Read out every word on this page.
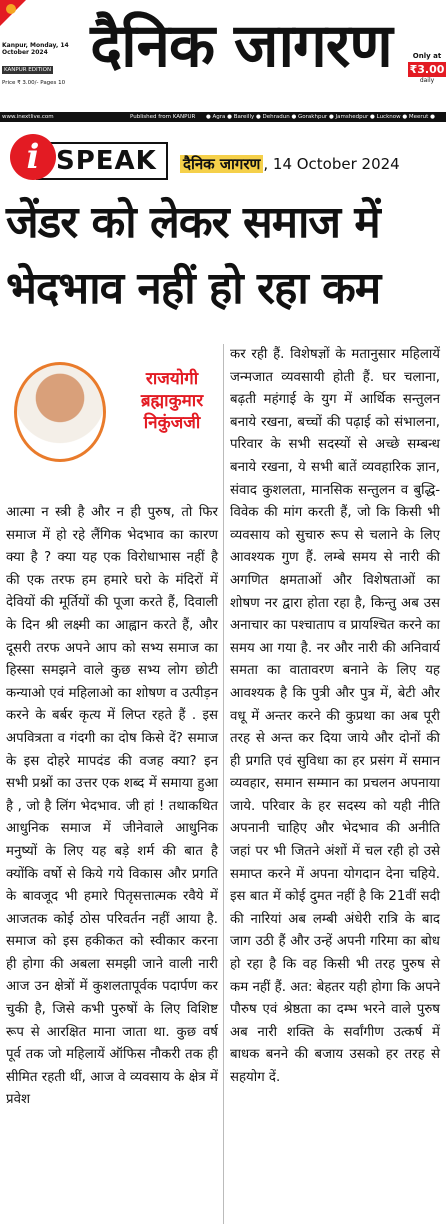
Kanpur, Monday, 14 October 2024
KANPUR EDITION
Price ₹ 3.00/- Pages 10
दैनिक जागरण	Only at
₹3.00
daily
www.inextlive.com	Published from KANPUR ● Agra ● Bareilly ● Dehradun ● Gorakhpur ● Jamshedpur ● Lucknow ● Meerut ● Patna ● Prayagraj ● Ranchi ● Varanasi
SPEAK
i	दैनिक जागरण , 14 October 2024
जेंडर को लेकर समाज में
भेदभाव नहीं हो रहा कम
राजयोगी
ब्रह्माकुमार
निकुंजजी
आत्मा न स्त्री है और न ही पुरुष, तो फिर समाज में हो रहे लैंगिक भेदभाव का कारण क्या है ? क्या यह एक विरोधाभास नहीं है की एक तरफ हम हमारे घरो के मंदिरों में देवियों की मूर्तियों की पूजा करते हैं, दिवाली के दिन श्री लक्ष्मी का आह्वान करते हैं, और दूसरी तरफ अपने आप को सभ्य समाज का हिस्सा समझने वाले कुछ सभ्य लोग छोटी कन्याओ एवं महिलाओ का शोषण व उत्पीड़न करने के बर्बर कृत्य में लिप्त रहते हैं . इस अपवित्रता व गंदगी का दोष किसे दें? समाज के इस दोहरे मापदंड की वजह क्या? इन सभी प्रश्नों का उत्तर एक शब्द में समाया हुआ है , जो है लिंग भेदभाव. जी हां ! तथाकथित आधुनिक समाज में जीनेवाले आधुनिक मनुष्यों के लिए यह बड़े शर्म की बात है क्योंकि वर्षो से किये गये विकास और प्रगति के बावजूद भी हमारे पितृसत्तात्मक रवैये में आजतक कोई ठोस परिवर्तन नहीं आया है. समाज को इस हकीकत को स्वीकार करना ही होगा की अबला समझी जाने वाली नारी आज उन क्षेत्रों में कुशलतापूर्वक पदार्पण कर चुकी है, जिसे कभी पुरुषों के लिए विशिष्ट रूप से आरक्षित माना जाता था. कुछ वर्ष पूर्व तक जो महिलायें ऑफिस नौकरी तक ही सीमित रहती थीं, आज वे व्यवसाय के क्षेत्र में प्रवेश
कर रही हैं. विशेषज्ञों के मतानुसार महिलायें जन्मजात व्यवसायी होती हैं. घर चलाना, बढ़ती महंगाई के युग में आर्थिक सन्तुलन बनाये रखना, बच्चों की पढ़ाई को संभालना, परिवार के सभी सदस्यों से अच्छे सम्बन्ध बनाये रखना, ये सभी बातें व्यवहारिक ज्ञान, संवाद कुशलता, मानसिक सन्तुलन व बुद्धि-विवेक की मांग करती हैं, जो कि किसी भी व्यवसाय को सुचारु रूप से चलाने के लिए आवश्यक गुण हैं. लम्बे समय से नारी की अगणित क्षमताओं और विशेषताओं का शोषण नर द्वारा होता रहा है, किन्तु अब उस अनाचार का पश्चाताप व प्रायश्चित करने का समय आ गया है. नर और नारी की अनिवार्य समता का वातावरण बनाने के लिए यह आवश्यक है कि पुत्री और पुत्र में, बेटी और वधू में अन्तर करने की कुप्रथा का अब पूरी तरह से अन्त कर दिया जाये और दोनों की ही प्रगति एवं सुविधा का हर प्रसंग में समान व्यवहार, समान सम्मान का प्रचलन अपनाया जाये. परिवार के हर सदस्य को यही नीति अपनानी चाहिए और भेदभाव की अनीति जहां पर भी जितने अंशों में चल रही हो उसे समाप्त करने में अपना योगदान देना चहिये. इस बात में कोई दुमत नहीं है कि 21वीं सदी की नारियां अब लम्बी अंधेरी रात्रि के बाद जाग उठी हैं और उन्हें अपनी गरिमा का बोध हो रहा है कि वह किसी भी तरह पुरुष से कम नहीं हैं. अत: बेहतर यही होगा कि अपने पौरुष एवं श्रेष्ठता का दम्भ भरने वाले पुरुष अब नारी शक्ति के सर्वांगीण उत्कर्ष में बाधक बनने की बजाय उसको हर तरह से सहयोग दें.
